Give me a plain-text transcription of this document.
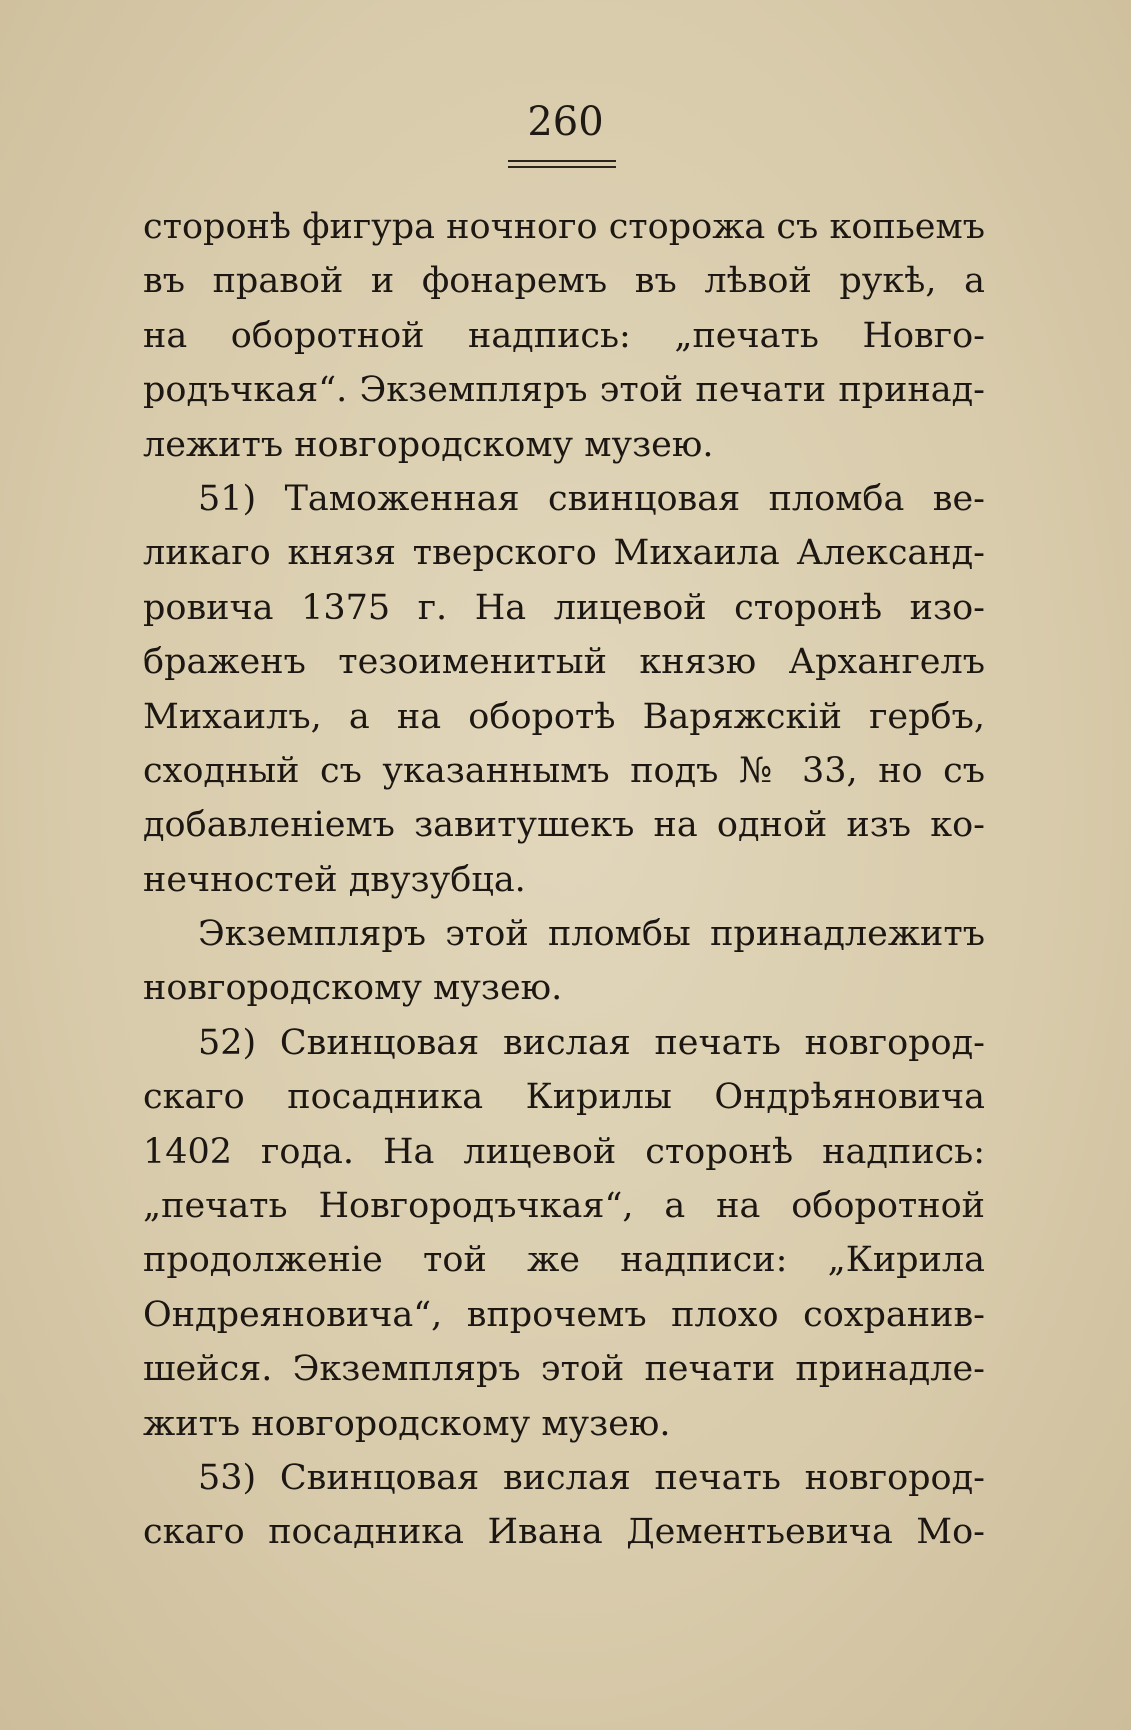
260
сторонѣ фигура ночного сторожа съ копьемъ
въ правой и фонаремъ въ лѣвой рукѣ, а
на оборотной надпись: „печать Новго-
родъчкая“. Экземпляръ этой печати принад-
лежитъ новгородскому музею.
51) Таможенная свинцовая пломба ве-
ликаго князя тверского Михаила Александ-
ровича 1375 г. На лицевой сторонѣ изо-
браженъ тезоименитый князю Архангелъ
Михаилъ, а на оборотѣ Варяжскій гербъ,
сходный съ указаннымъ подъ № 33, но съ
добавленіемъ завитушекъ на одной изъ ко-
нечностей двузубца.
Экземпляръ этой пломбы принадлежитъ
новгородскому музею.
52) Свинцовая вислая печать новгород-
скаго посадника Кирилы Ондрѣяновича
1402 года. На лицевой сторонѣ надпись:
„печать Новгородъчкая“, а на оборотной
продолженіе той же надписи: „Кирила
Ондреяновича“, впрочемъ плохо сохранив-
шейся. Экземпляръ этой печати принадле-
житъ новгородскому музею.
53) Свинцовая вислая печать новгород-
скаго посадника Ивана Дементьевича Мо-
